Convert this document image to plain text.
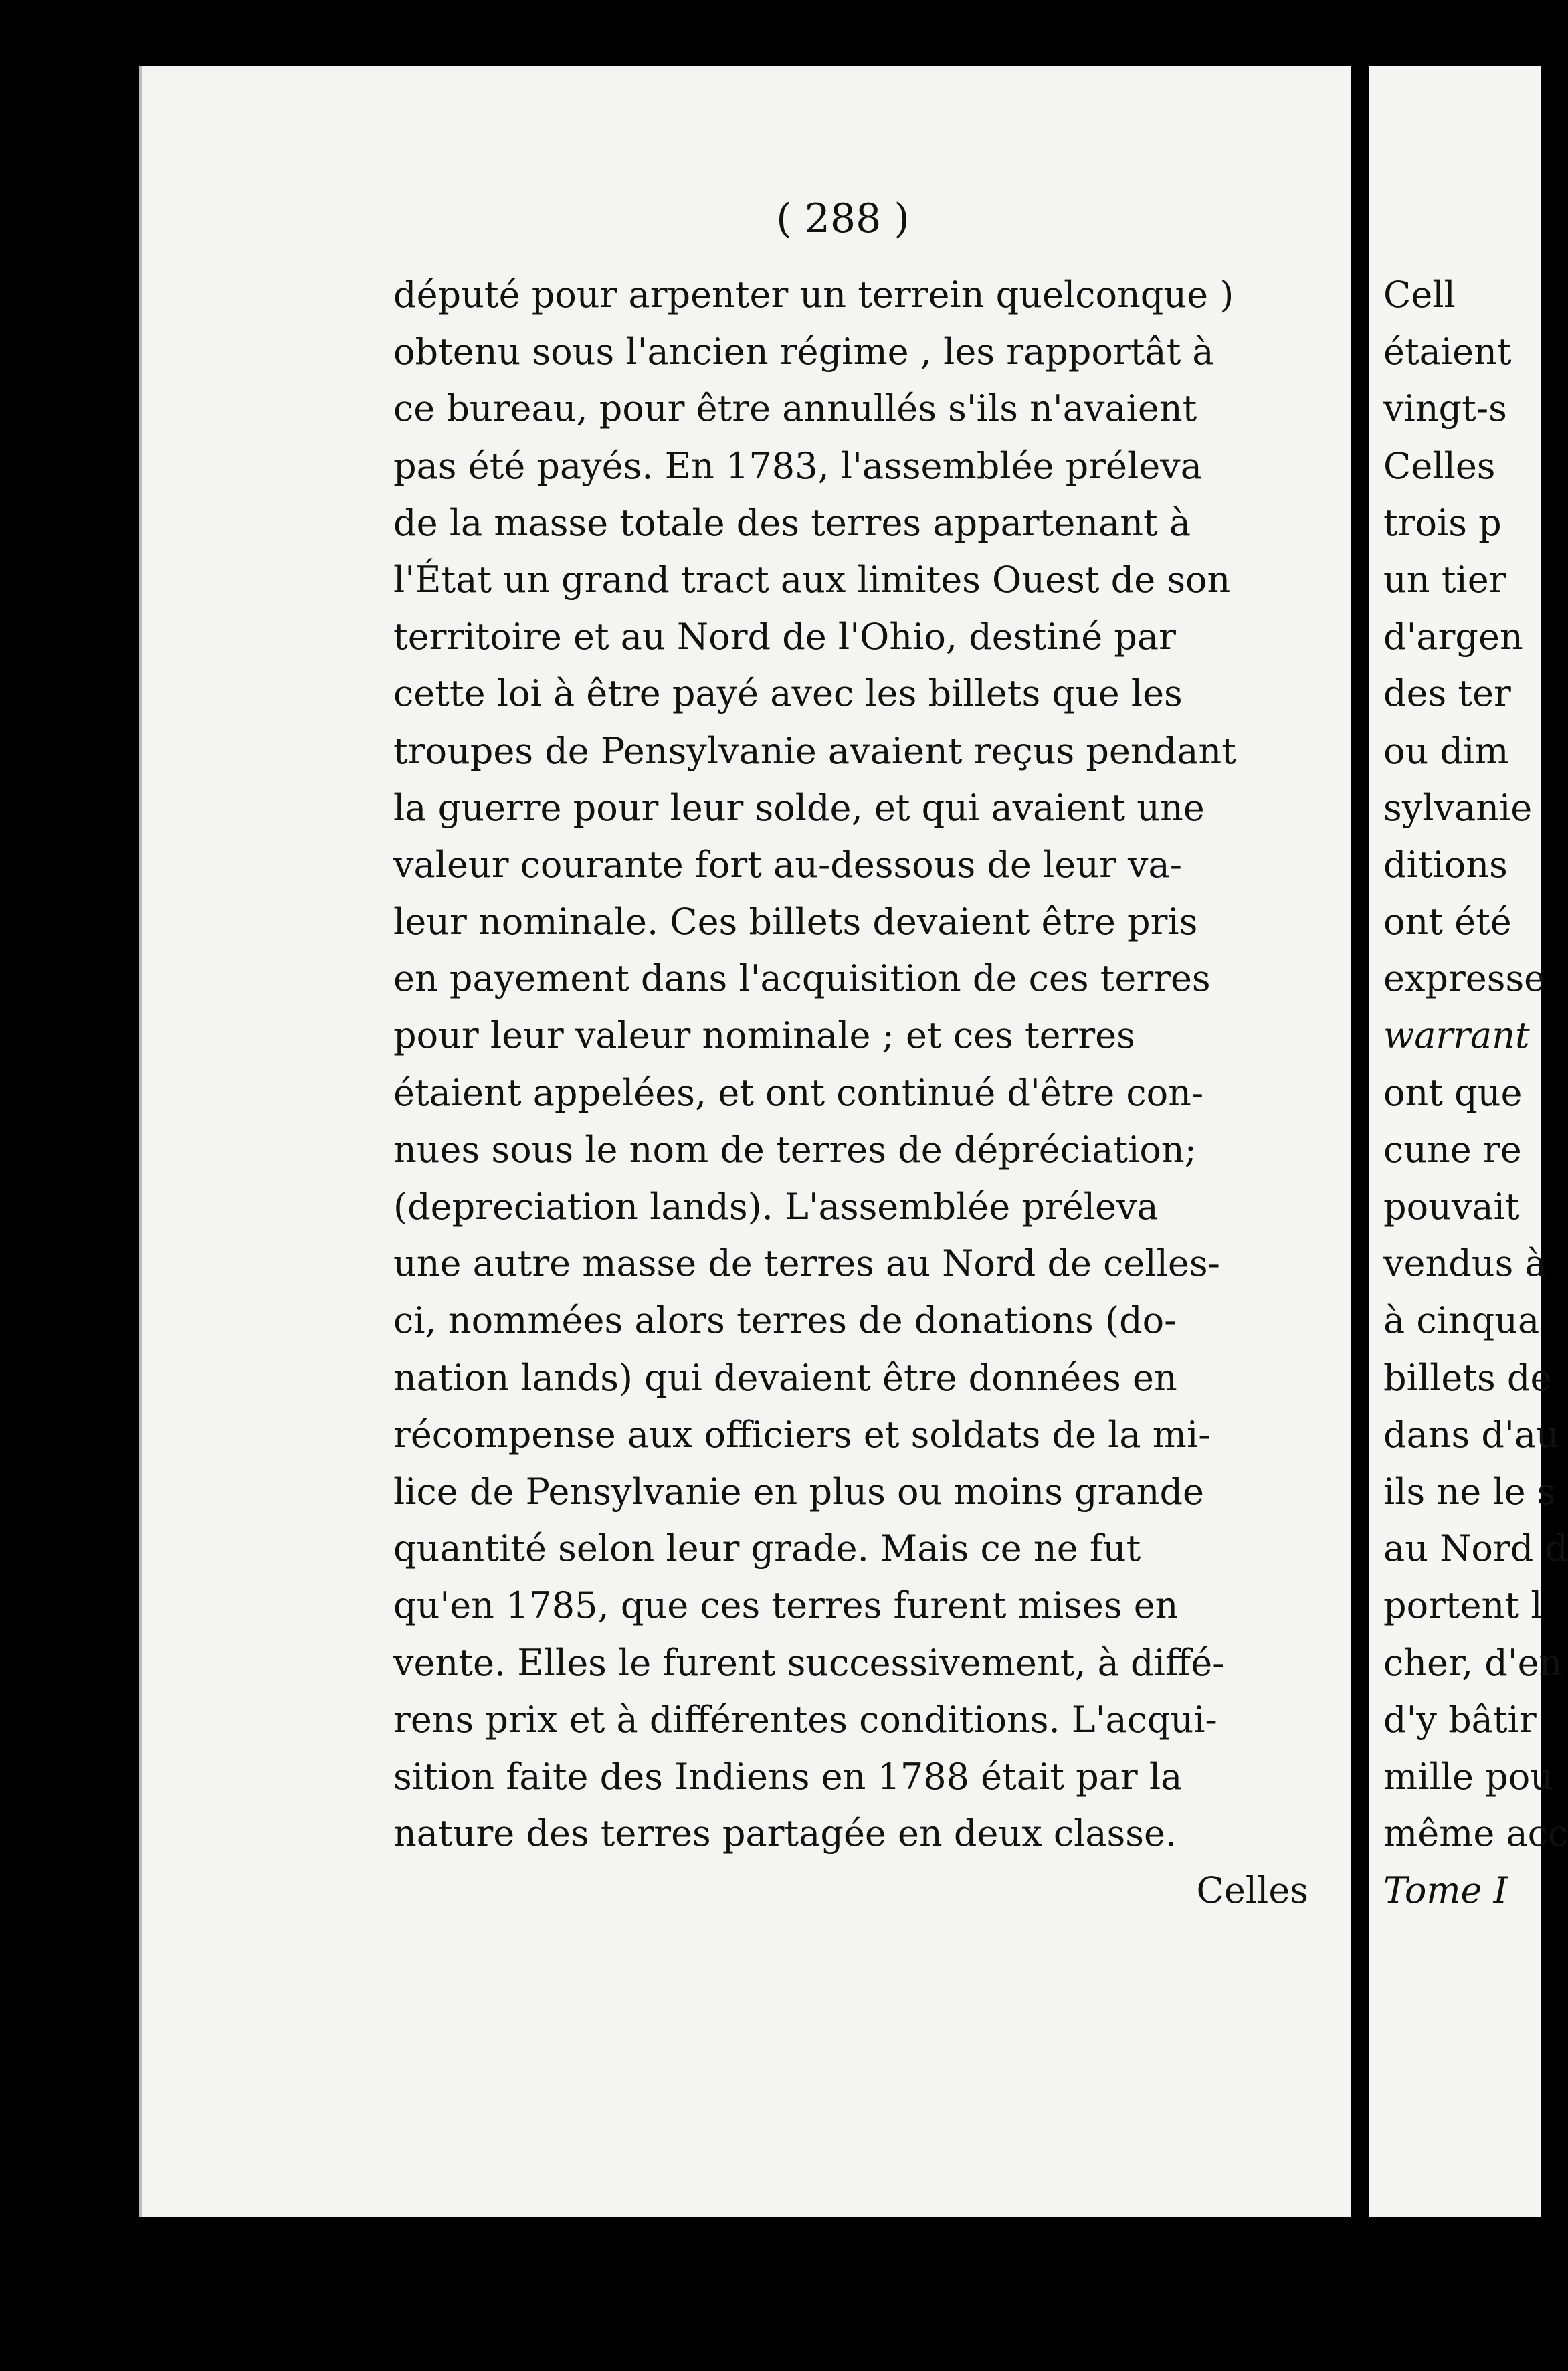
( 288 )
député pour arpenter un terrein quelconque )
obtenu sous l'ancien régime , les rapportât à
ce bureau, pour être annullés s'ils n'avaient
pas été payés. En 1783, l'assemblée préleva
de la masse totale des terres appartenant à
l'État un grand tract aux limites Ouest de son
territoire et au Nord de l'Ohio, destiné par
cette loi à être payé avec les billets que les
troupes de Pensylvanie avaient reçus pendant
la guerre pour leur solde, et qui avaient une
valeur courante fort au-dessous de leur va-
leur nominale. Ces billets devaient être pris
en payement dans l'acquisition de ces terres
pour leur valeur nominale ; et ces terres
étaient appelées, et ont continué d'être con-
nues sous le nom de terres de dépréciation;
(depreciation lands). L'assemblée préleva
une autre masse de terres au Nord de celles-
ci, nommées alors terres de donations (do-
nation lands) qui devaient être données en
récompense aux officiers et soldats de la mi-
lice de Pensylvanie en plus ou moins grande
quantité selon leur grade. Mais ce ne fut
qu'en 1785, que ces terres furent mises en
vente. Elles le furent successivement, à diffé-
rens prix et à différentes conditions. L'acqui-
sition faite des Indiens en 1788 était par la
nature des terres partagée en deux classe.
Celles
Cell
étaient
vingt-s
Celles
trois p
un tier
d'argen
des ter
ou dim
sylvanie
ditions
ont été
expresse
warrant
ont que
cune re
pouvait
vendus à
à cinqua
billets de
dans d'au
ils ne le s
au Nord d
portent l
cher, d'en
d'y bâtir
mille pou
même acc
Tome I
